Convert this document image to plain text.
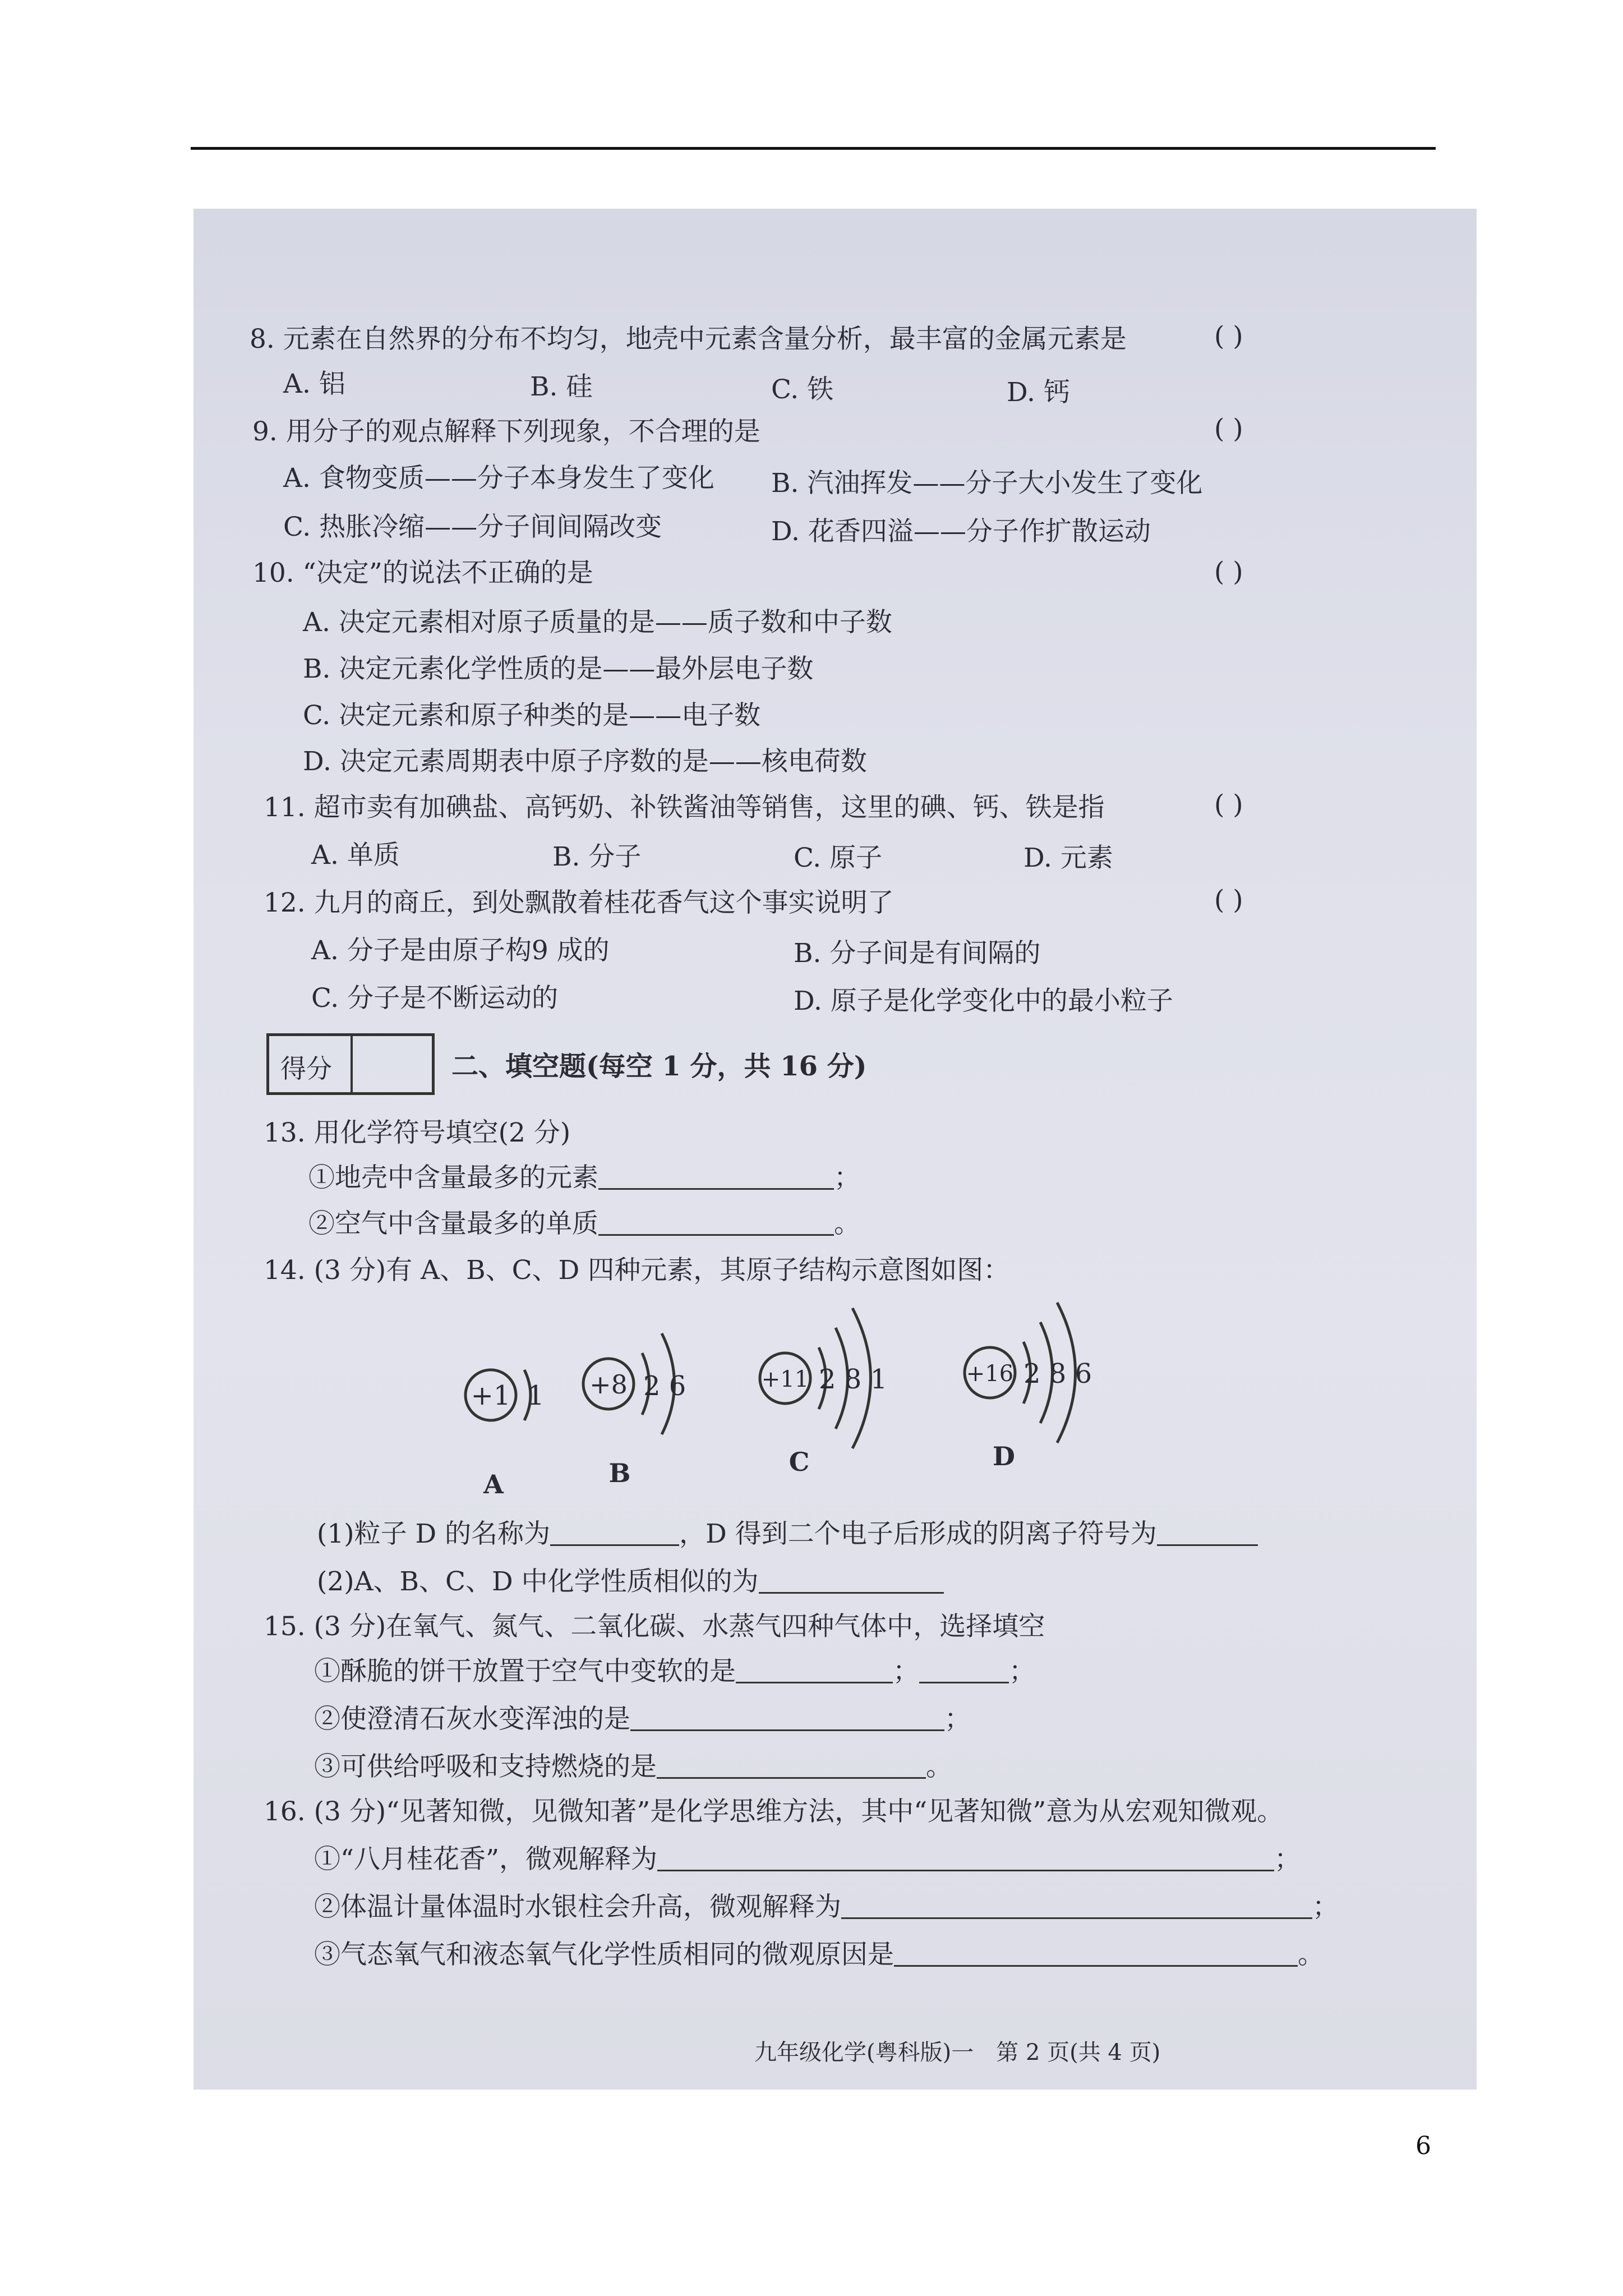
8. 元素在自然界的分布不均匀，地壳中元素含量分析，最丰富的金属元素是	( )
A. 铝	B. 硅	C. 铁	D. 钙
9. 用分子的观点解释下列现象，不合理的是	( )
A. 食物变质——分子本身发生了变化 B. 汽油挥发——分子大小发生了变化
C. 热胀冷缩——分子间间隔改变	D. 花香四溢——分子作扩散运动
10. “决定”的说法不正确的是	( )
A. 决定元素相对原子质量的是——质子数和中子数
B. 决定元素化学性质的是——最外层电子数
C. 决定元素和原子种类的是——电子数
D. 决定元素周期表中原子序数的是——核电荷数
11. 超市卖有加碘盐、高钙奶、补铁酱油等销售，这里的碘、钙、铁是指	( )
A. 单质	B. 分子	C. 原子	D. 元素
12. 九月的商丘，到处飘散着桂花香气这个事实说明了	( )
A. 分子是由原子构9 成的	B. 分子间是有间隔的
C. 分子是不断运动的	D. 原子是化学变化中的最小粒子
得分	二、填空题(每空 1 分，共 16 分)
13. 用化学符号填空(2 分)
①地壳中含量最多的元素	；
②空气中含量最多的单质	。
14. (3 分)有 A、B、C、D 四种元素，其原子结构示意图如图：
+1 1
A
+8 2 6
B
+11 2 8 1
C
+16 2 8 6
D
(1)粒子 D 的名称为	，D 得到二个电子后形成的阴离子符号为
(2)A、B、C、D 中化学性质相似的为
15. (3 分)在氧气、氮气、二氧化碳、水蒸气四种气体中，选择填空
①酥脆的饼干放置于空气中变软的是	；	；
②使澄清石灰水变浑浊的是	；
③可供给呼吸和支持燃烧的是	。
16. (3 分)“见著知微，见微知著”是化学思维方法，其中“见著知微”意为从宏观知微观。
①“八月桂花香”，微观解释为	；
②体温计量体温时水银柱会升高，微观解释为	；
③气态氧气和液态氧气化学性质相同的微观原因是	。
九年级化学(粤科版)一　第 2 页(共 4 页)
6
